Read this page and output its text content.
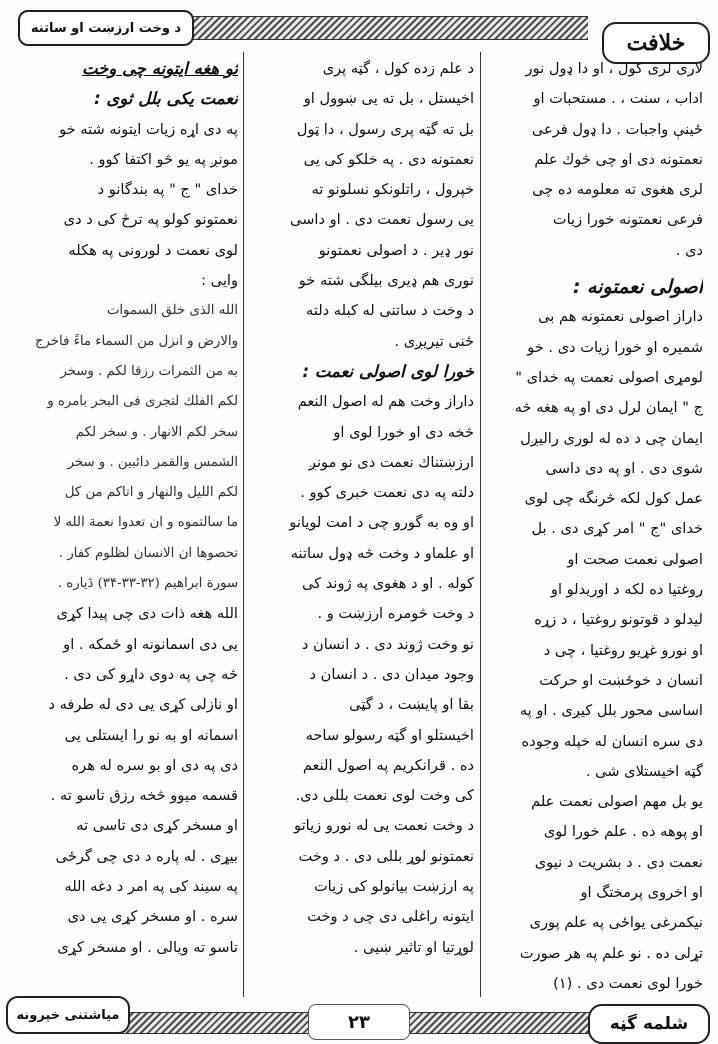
خلافت
د وخت ارزښت او ساتنه

لاری لری کول ، او دا ډول نور

اداب ، سنت ، . مستحبات او

ځینې واجبات . دا ډول فرعی

نعمتونه دی او چی څوك علم

لری هغوی ته معلومه ده چی

فرعی نعمتونه خورا زیات

دی .

اصولی نعمتونه :

داراز اصولی نعمتونه هم بی

شمیره او خورا زیات دی . خو

لومړی اصولی نعمت په خدای "

ج " ایمان لرل دی او په هغه څه

ایمان چی د ده له لوری رالیږل

شوی دی . او په دی داسی

عمل کول لکه څرنگه چی لوی

خدای "ج " امر کړی دی . بل

اصولی نعمت صحت او

روغتیا ده لکه د اوریدلو او

لیدلو د قوتونو روغتیا ، د زړه

او نورو غړیو روغتیا ، چی د

انسان د خوځښت او حرکت

اساسی محور بلل کیږی . او په

دی سره انسان له خپله وجوده

گټه اخیستلای شی .

یو بل مهم اصولی نعمت علم

او پوهه ده . علم خورا لوی

نعمت دی . د بشریت د نیوی

او اخروی پرمختگ او

نیکمرغی یواځی په علم پوری

تړلی ده . نو علم په هر صورت

خورا لوی نعمت دی . (۱)

د علم زده کول ، گټه پری

اخیستل ، بل ته یی ښوول او

بل ته گټه پری رسول ، دا ټول

نعمتونه دی . په خلکو کی یی

خپرول ، راتلونکو نسلونو ته

یی رسول نعمت دی . او داسی

نور ډیر . د اصولی نعمتونو

نوری هم ډیری بیلگی شته خو

د وخت د ساتنی له کبله دلته

ځنی تیریږی .

خورا لوی اصولی نعمت :

داراز وخت هم له اصول النعم

څخه دی او خورا لوی او

ارزښتناك نعمت دی نو مونږ

دلته په دی نعمت خبری کوو .

او وه به گورو چی د امت لویانو

او علماو د وخت څه ډول ساتنه

کوله . او د هغوی په ژوند کی

د وخت څومره ارزښت و .

نو وخت ژوند دی . د انسان د

وجود میدان دی . د انسان د

بقا او پایښت ، د گټی

اخیستلو او گټه رسولو ساحه

ده . قرانکریم په اصول النعم

کی وخت لوی نعمت بللی دی.

د وخت نعمت یی له نورو زیاتو

نعمتونو لوړ بللی دی . د وخت

په ارزښت بیانولو کی زیات

ایتونه راغلی دی چی د وخت

لوړتیا او تاثیر ښیی .

ثو هغه ایتونه چی وخت

نعمت یکی بلل ثوی :

په دی اړه زیات ایتونه شته خو

مونږ په یو څو اکتفا کوو .

خدای " ج " په بندگانو د

نعمتونو کولو په ترڅ کی د دی

لوی نعمت د لورونی په هکله

وایی :

الله الذی خلق السموات

والارض و انزل من السماء ماءً فاخرج

به من الثمرات رزقا لکم . وسخر

لکم الفلك لتجری فی البحر بامره و

سخر لکم الانهار . و سخر لکم

الشمس والقمر دائبین . و سخر

لکم اللیل والنهار و اتاکم من کل

ما سالتموه و ان تعدوا نعمة الله لا

تحصوها ان الانسان لظلوم کفار .

سورة ابراهیم (۳۲-۳۳-۳۴) ڎیاره .

الله هغه ذات دی چی پیدا کړی

یی دی اسمانونه او ځمکه . او

څه چی په دوی داړو کی دی .

او نازلی کړی یی دی له طرفه د

اسمانه او به نو را ایستلی یی

دی په دی او بو سره له هره

قسمه میوو څخه رزق تاسو ته .

او مسخر کړی دی تاسی ته

بیړی . له پاره د دی چی گرځی

په سیند کی په امر د دغه الله

سره . او مسخر کړی یی دی

تاسو ته ویالی . او مسخر کړی

۲۳	شلمه گڼه
مياشتنی خپرونه
